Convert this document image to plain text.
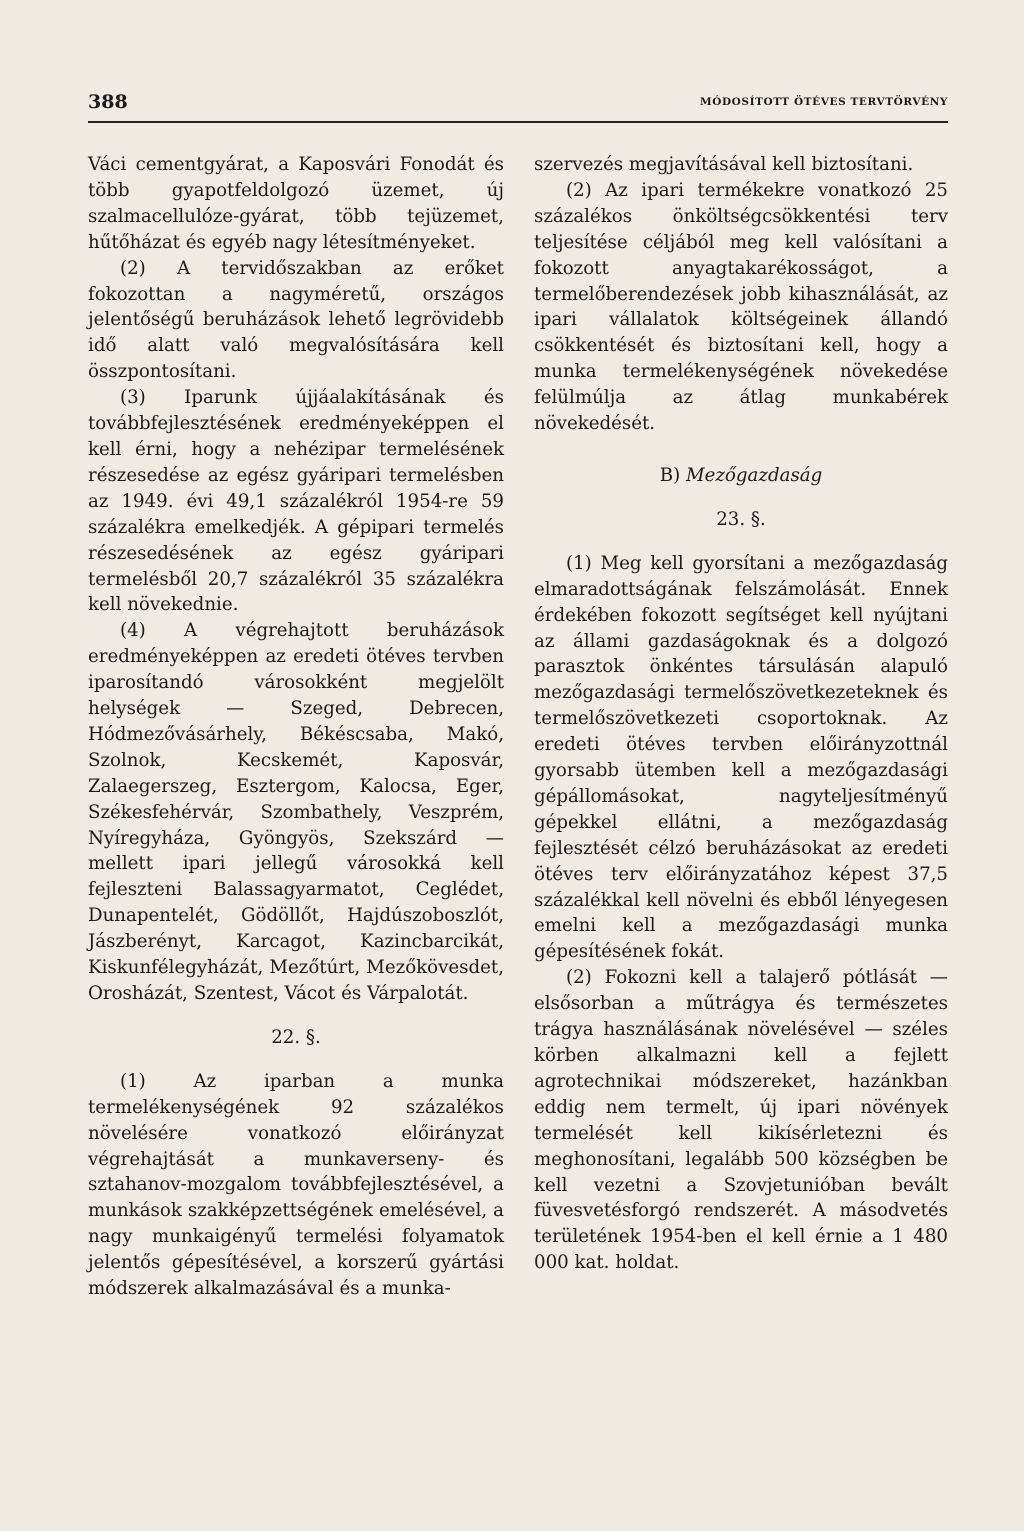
388	MÓDOSÍTOTT ÖTÉVES TERVTÖRVÉNY

Váci cementgyárat, a Kaposvári Fonodát és több gyapotfeldolgozó üzemet, új szalmacellulóze-gyárat, több tejüzemet, hűtőházat és egyéb nagy létesítményeket.

(2) A tervidőszakban az erőket fokozottan a nagyméretű, országos jelentőségű beruházások lehető legrövidebb idő alatt való megvalósítására kell összpontosítani.

(3) Iparunk újjáalakításának és továbbfejlesztésének eredményeképpen el kell érni, hogy a nehézipar termelésének részesedése az egész gyáripari termelésben az 1949. évi 49,1 százalékról 1954-re 59 százalékra emelkedjék. A gépipari termelés részesedésének az egész gyáripari termelésből 20,7 százalékról 35 százalékra kell növekednie.

(4) A végrehajtott beruházások eredményeképpen az eredeti ötéves tervben iparosítandó városokként megjelölt helységek — Szeged, Debrecen, Hódmezővásárhely, Békéscsaba, Makó, Szolnok, Kecskemét, Kaposvár, Zalaegerszeg, Esztergom, Kalocsa, Eger, Székesfehérvár, Szombathely, Veszprém, Nyíregyháza, Gyöngyös, Szekszárd — mellett ipari jellegű városokká kell fejleszteni Balassagyarmatot, Ceglédet, Dunapentelét, Gödöllőt, Hajdúszoboszlót, Jászberényt, Karcagot, Kazincbarcikát, Kiskunfélegyházát, Mezőtúrt, Mezőkövesdet, Orosházát, Szentest, Vácot és Várpalotát.

22. §.

(1) Az iparban a munka termelékenységének 92 százalékos növelésére vonatkozó előirányzat végrehajtását a munkaverseny- és sztahanov-mozgalom továbbfejlesztésével, a munkások szakképzettségének emelésével, a nagy munkaigényű termelési folyamatok jelentős gépesítésével, a korszerű gyártási módszerek alkalmazásával és a munka-

szervezés megjavításával kell biztosítani.

(2) Az ipari termékekre vonatkozó 25 százalékos önköltségcsökkentési terv teljesítése céljából meg kell valósítani a fokozott anyagtakarékosságot, a termelőberendezések jobb kihasználását, az ipari vállalatok költségeinek állandó csökkentését és biztosítani kell, hogy a munka termelékenységének növekedése felülmúlja az átlag munkabérek növekedését.

B) Mezőgazdaság

23. §.

(1) Meg kell gyorsítani a mezőgazdaság elmaradottságának felszámolását. Ennek érdekében fokozott segítséget kell nyújtani az állami gazdaságoknak és a dolgozó parasztok önkéntes társulásán alapuló mezőgazdasági termelőszövetkezeteknek és termelőszövetkezeti csoportoknak. Az eredeti ötéves tervben előirányzottnál gyorsabb ütemben kell a mezőgazdasági gépállomásokat, nagyteljesítményű gépekkel ellátni, a mezőgazdaság fejlesztését célzó beruházásokat az eredeti ötéves terv előirányzatához képest 37,5 százalékkal kell növelni és ebből lényegesen emelni kell a mezőgazdasági munka gépesítésének fokát.

(2) Fokozni kell a talajerő pótlását — elsősorban a műtrágya és természetes trágya használásának növelésével — széles körben alkalmazni kell a fejlett agrotechnikai módszereket, hazánkban eddig nem termelt, új ipari növények termelését kell kikísérletezni és meghonosítani, legalább 500 községben be kell vezetni a Szovjetunióban bevált füvesvetésforgó rendszerét. A másodvetés területének 1954-ben el kell érnie a 1 480 000 kat. holdat.
